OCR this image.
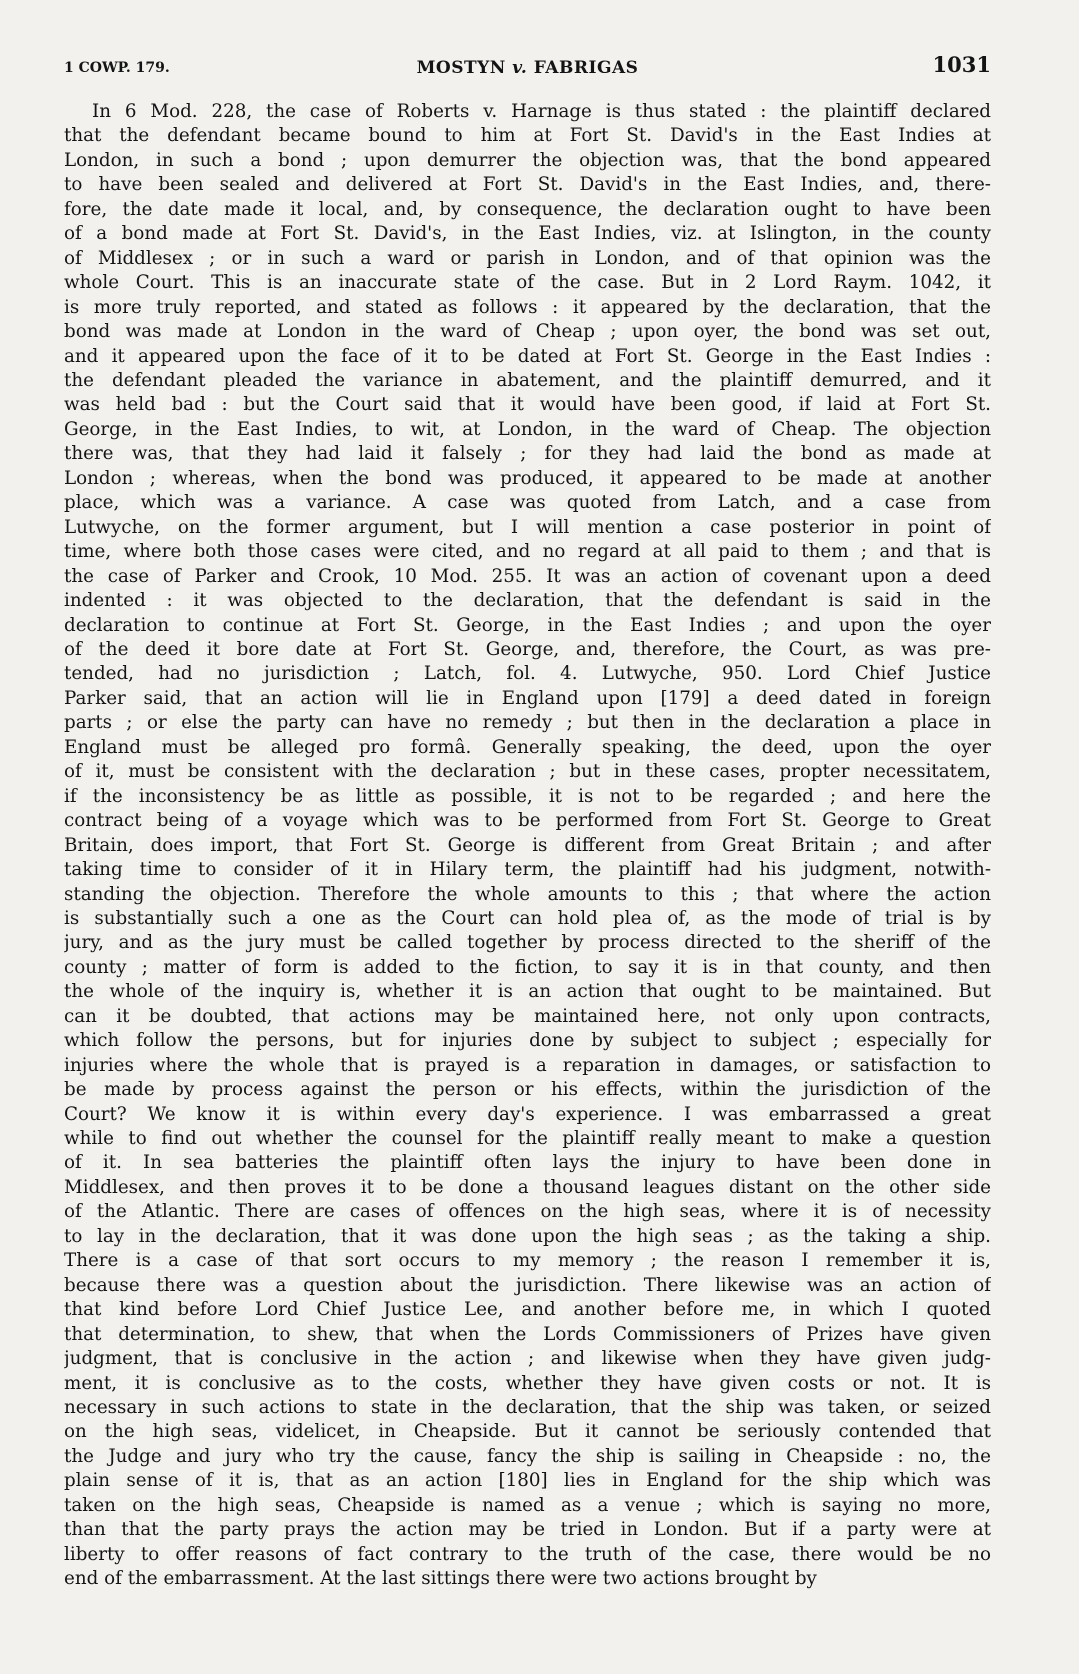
1 COWP. 179.	MOSTYN v. FABRIGAS	1031
In 6 Mod. 228, the case of Roberts v. Harnage is thus stated : the plaintiff declared
that the defendant became bound to him at Fort St. David's in the East Indies at
London, in such a bond ; upon demurrer the objection was, that the bond appeared
to have been sealed and delivered at Fort St. David's in the East Indies, and, there-
fore, the date made it local, and, by consequence, the declaration ought to have been
of a bond made at Fort St. David's, in the East Indies, viz. at Islington, in the county
of Middlesex ; or in such a ward or parish in London, and of that opinion was the
whole Court. This is an inaccurate state of the case. But in 2 Lord Raym. 1042, it
is more truly reported, and stated as follows : it appeared by the declaration, that the
bond was made at London in the ward of Cheap ; upon oyer, the bond was set out,
and it appeared upon the face of it to be dated at Fort St. George in the East Indies :
the defendant pleaded the variance in abatement, and the plaintiff demurred, and it
was held bad : but the Court said that it would have been good, if laid at Fort St.
George, in the East Indies, to wit, at London, in the ward of Cheap. The objection
there was, that they had laid it falsely ; for they had laid the bond as made at
London ; whereas, when the bond was produced, it appeared to be made at another
place, which was a variance. A case was quoted from Latch, and a case from
Lutwyche, on the former argument, but I will mention a case posterior in point of
time, where both those cases were cited, and no regard at all paid to them ; and that is
the case of Parker and Crook, 10 Mod. 255. It was an action of covenant upon a deed
indented : it was objected to the declaration, that the defendant is said in the
declaration to continue at Fort St. George, in the East Indies ; and upon the oyer
of the deed it bore date at Fort St. George, and, therefore, the Court, as was pre-
tended, had no jurisdiction ; Latch, fol. 4. Lutwyche, 950. Lord Chief Justice
Parker said, that an action will lie in England upon [179] a deed dated in foreign
parts ; or else the party can have no remedy ; but then in the declaration a place in
England must be alleged pro formâ. Generally speaking, the deed, upon the oyer
of it, must be consistent with the declaration ; but in these cases, propter necessitatem,
if the inconsistency be as little as possible, it is not to be regarded ; and here the
contract being of a voyage which was to be performed from Fort St. George to Great
Britain, does import, that Fort St. George is different from Great Britain ; and after
taking time to consider of it in Hilary term, the plaintiff had his judgment, notwith-
standing the objection. Therefore the whole amounts to this ; that where the action
is substantially such a one as the Court can hold plea of, as the mode of trial is by
jury, and as the jury must be called together by process directed to the sheriff of the
county ; matter of form is added to the fiction, to say it is in that county, and then
the whole of the inquiry is, whether it is an action that ought to be maintained. But
can it be doubted, that actions may be maintained here, not only upon contracts,
which follow the persons, but for injuries done by subject to subject ; especially for
injuries where the whole that is prayed is a reparation in damages, or satisfaction to
be made by process against the person or his effects, within the jurisdiction of the
Court? We know it is within every day's experience. I was embarrassed a great
while to find out whether the counsel for the plaintiff really meant to make a question
of it. In sea batteries the plaintiff often lays the injury to have been done in
Middlesex, and then proves it to be done a thousand leagues distant on the other side
of the Atlantic. There are cases of offences on the high seas, where it is of necessity
to lay in the declaration, that it was done upon the high seas ; as the taking a ship.
There is a case of that sort occurs to my memory ; the reason I remember it is,
because there was a question about the jurisdiction. There likewise was an action of
that kind before Lord Chief Justice Lee, and another before me, in which I quoted
that determination, to shew, that when the Lords Commissioners of Prizes have given
judgment, that is conclusive in the action ; and likewise when they have given judg-
ment, it is conclusive as to the costs, whether they have given costs or not. It is
necessary in such actions to state in the declaration, that the ship was taken, or seized
on the high seas, videlicet, in Cheapside. But it cannot be seriously contended that
the Judge and jury who try the cause, fancy the ship is sailing in Cheapside : no, the
plain sense of it is, that as an action [180] lies in England for the ship which was
taken on the high seas, Cheapside is named as a venue ; which is saying no more,
than that the party prays the action may be tried in London. But if a party were at
liberty to offer reasons of fact contrary to the truth of the case, there would be no
end of the embarrassment. At the last sittings there were two actions brought by
